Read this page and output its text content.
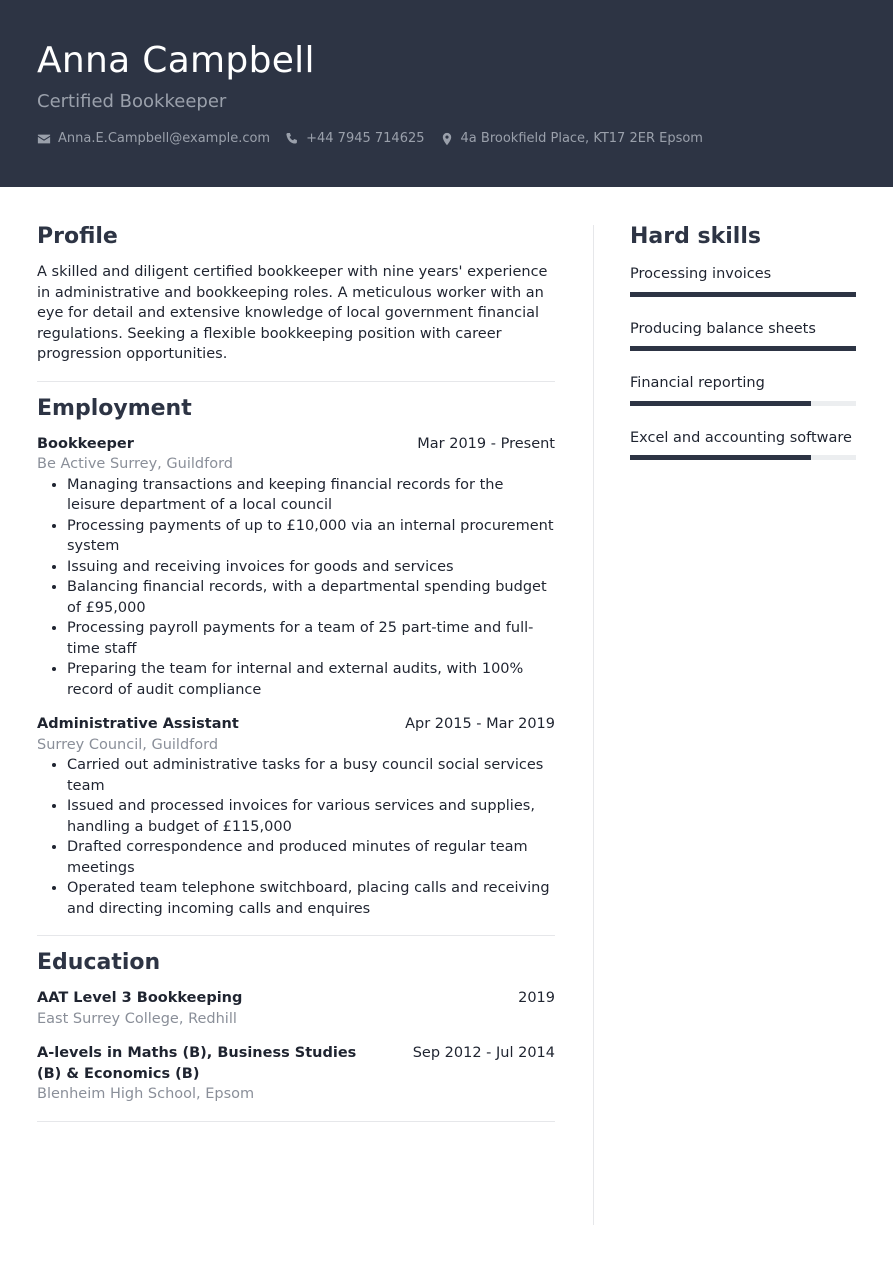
Anna Campbell
Certified Bookkeeper
Anna.E.Campbell@example.com	+44 7945 714625	4a Brookfield Place, KT17 2ER Epsom
Profile
A skilled and diligent certified bookkeeper with nine years' experience in administrative and bookkeeping roles. A meticulous worker with an eye for detail and extensive knowledge of local government financial regulations. Seeking a flexible bookkeeping position with career progression opportunities.
Employment
Bookkeeper	Mar 2019 - Present
Be Active Surrey, Guildford
• Managing transactions and keeping financial records for the leisure department of a local council
• Processing payments of up to £10,000 via an internal procurement system
• Issuing and receiving invoices for goods and services
• Balancing financial records, with a departmental spending budget of £95,000
• Processing payroll payments for a team of 25 part-time and full-time staff
• Preparing the team for internal and external audits, with 100% record of audit compliance
Administrative Assistant	Apr 2015 - Mar 2019
Surrey Council, Guildford
• Carried out administrative tasks for a busy council social services team
• Issued and processed invoices for various services and supplies, handling a budget of £115,000
• Drafted correspondence and produced minutes of regular team meetings
• Operated team telephone switchboard, placing calls and receiving and directing incoming calls and enquires
Education
AAT Level 3 Bookkeeping	2019
East Surrey College, Redhill
A-levels in Maths (B), Business Studies (B) & Economics (B)
Sep 2012 - Jul 2014
Blenheim High School, Epsom
Hard skills
Processing invoices
Producing balance sheets
Financial reporting
Excel and accounting software
